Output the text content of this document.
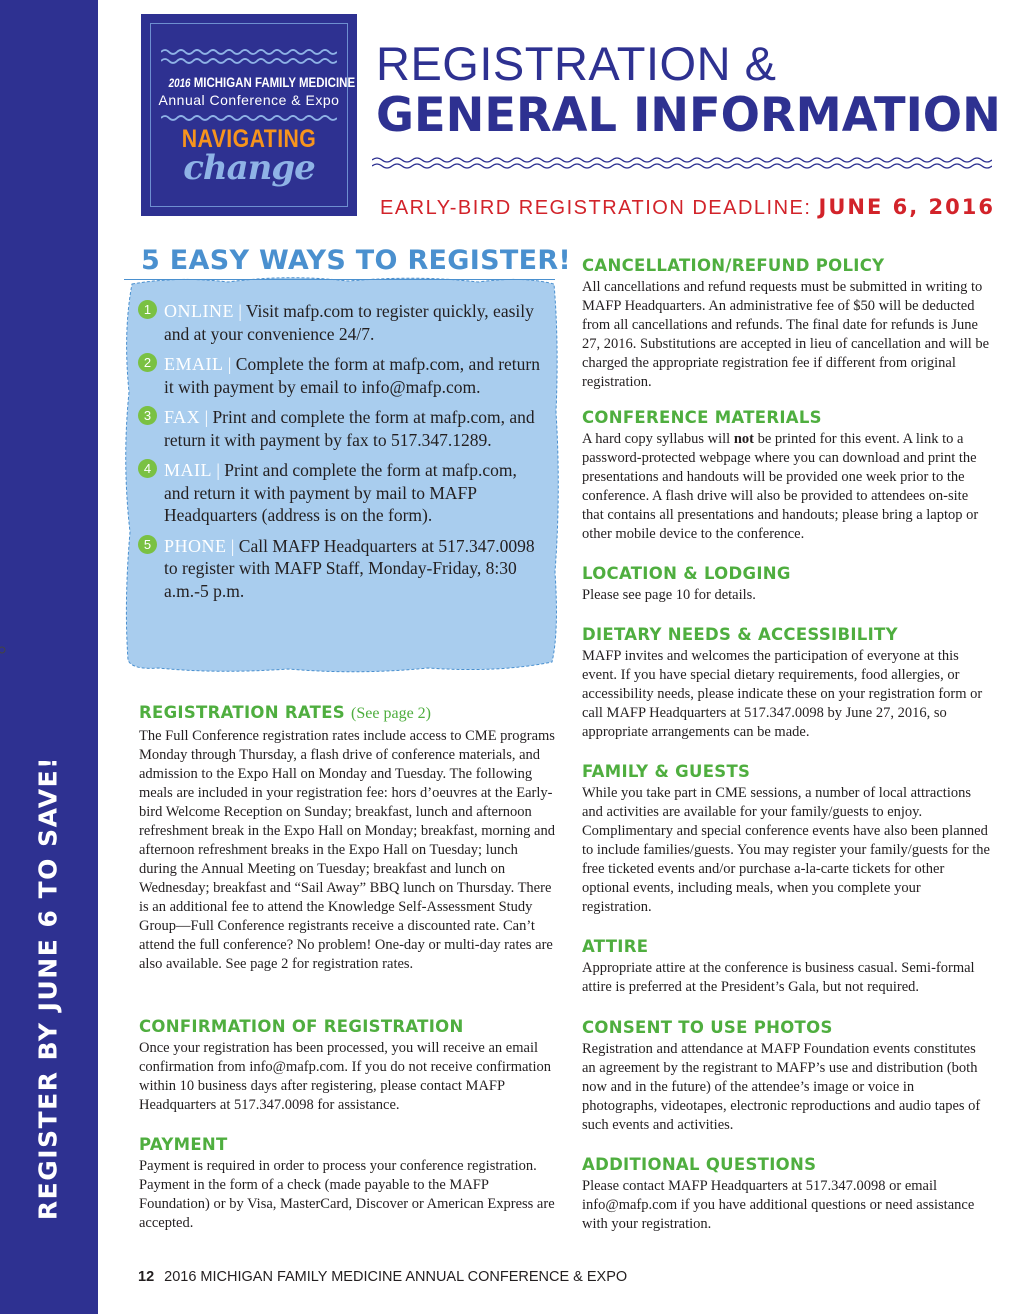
REGISTER BY JUNE 6 TO SAVE!
2016 MICHIGAN FAMILY MEDICINE
Annual Conference & Expo
NAVIGATING
change
REGISTRATION &
GENERAL INFORMATION
EARLY-BIRD REGISTRATION DEADLINE: JUNE 6, 2016
5 EASY WAYS TO REGISTER!
1 ONLINE | Visit mafp.com to register quickly, easily and at your convenience 24/7.
2 EMAIL | Complete the form at mafp.com, and return it with payment by email to info@mafp.com.
3 FAX | Print and complete the form at mafp.com, and return it with payment by fax to 517.347.1289.
4 MAIL | Print and complete the form at mafp.com, and return it with payment by mail to MAFP Headquarters (address is on the form).
5 PHONE | Call MAFP Headquarters at 517.347.0098 to register with MAFP Staff, Monday-Friday, 8:30 a.m.-5 p.m.
REGISTRATION RATES (See page 2)
The Full Conference registration rates include access to CME programs Monday through Thursday, a flash drive of conference materials, and admission to the Expo Hall on Monday and Tuesday. The following meals are included in your registration fee: hors d’oeuvres at the Early-bird Welcome Reception on Sunday; breakfast, lunch and afternoon refreshment break in the Expo Hall on Monday; breakfast, morning and afternoon refreshment breaks in the Expo Hall on Tuesday; lunch during the Annual Meeting on Tuesday; breakfast and lunch on Wednesday; breakfast and “Sail Away” BBQ lunch on Thursday. There is an additional fee to attend the Knowledge Self-Assessment Study Group—Full Conference registrants receive a discounted rate. Can’t attend the full conference? No problem! One-day or multi-day rates are also available. See page 2 for registration rates.
CONFIRMATION OF REGISTRATION
Once your registration has been processed, you will receive an email confirmation from info@mafp.com. If you do not receive confirmation within 10 business days after registering, please contact MAFP Headquarters at 517.347.0098 for assistance.
PAYMENT
Payment is required in order to process your conference registration. Payment in the form of a check (made payable to the MAFP Foundation) or by Visa, MasterCard, Discover or American Express are accepted.
CANCELLATION/REFUND POLICY
All cancellations and refund requests must be submitted in writing to MAFP Headquarters. An administrative fee of $50 will be deducted from all cancellations and refunds. The final date for refunds is June 27, 2016. Substitutions are accepted in lieu of cancellation and will be charged the appropriate registration fee if different from original registration.
CONFERENCE MATERIALS
A hard copy syllabus will not be printed for this event. A link to a password-protected webpage where you can download and print the presentations and handouts will be provided one week prior to the conference. A flash drive will also be provided to attendees on-site that contains all presentations and handouts; please bring a laptop or other mobile device to the conference.
LOCATION & LODGING
Please see page 10 for details.
DIETARY NEEDS & ACCESSIBILITY
MAFP invites and welcomes the participation of everyone at this event. If you have special dietary requirements, food allergies, or accessibility needs, please indicate these on your registration form or call MAFP Headquarters at 517.347.0098 by June 27, 2016, so appropriate arrangements can be made.
FAMILY & GUESTS
While you take part in CME sessions, a number of local attractions and activities are available for your family/guests to enjoy. Complimentary and special conference events have also been planned to include families/guests. You may register your family/guests for the free ticketed events and/or purchase a-la-carte tickets for other optional events, including meals, when you complete your registration.
ATTIRE
Appropriate attire at the conference is business casual. Semi-formal attire is preferred at the President’s Gala, but not required.
CONSENT TO USE PHOTOS
Registration and attendance at MAFP Foundation events constitutes an agreement by the registrant to MAFP’s use and distribution (both now and in the future) of the attendee’s image or voice in photographs, videotapes, electronic reproductions and audio tapes of such events and activities.
ADDITIONAL QUESTIONS
Please contact MAFP Headquarters at 517.347.0098 or email info@mafp.com if you have additional questions or need assistance with your registration.
12 2016 MICHIGAN FAMILY MEDICINE ANNUAL CONFERENCE & EXPO
